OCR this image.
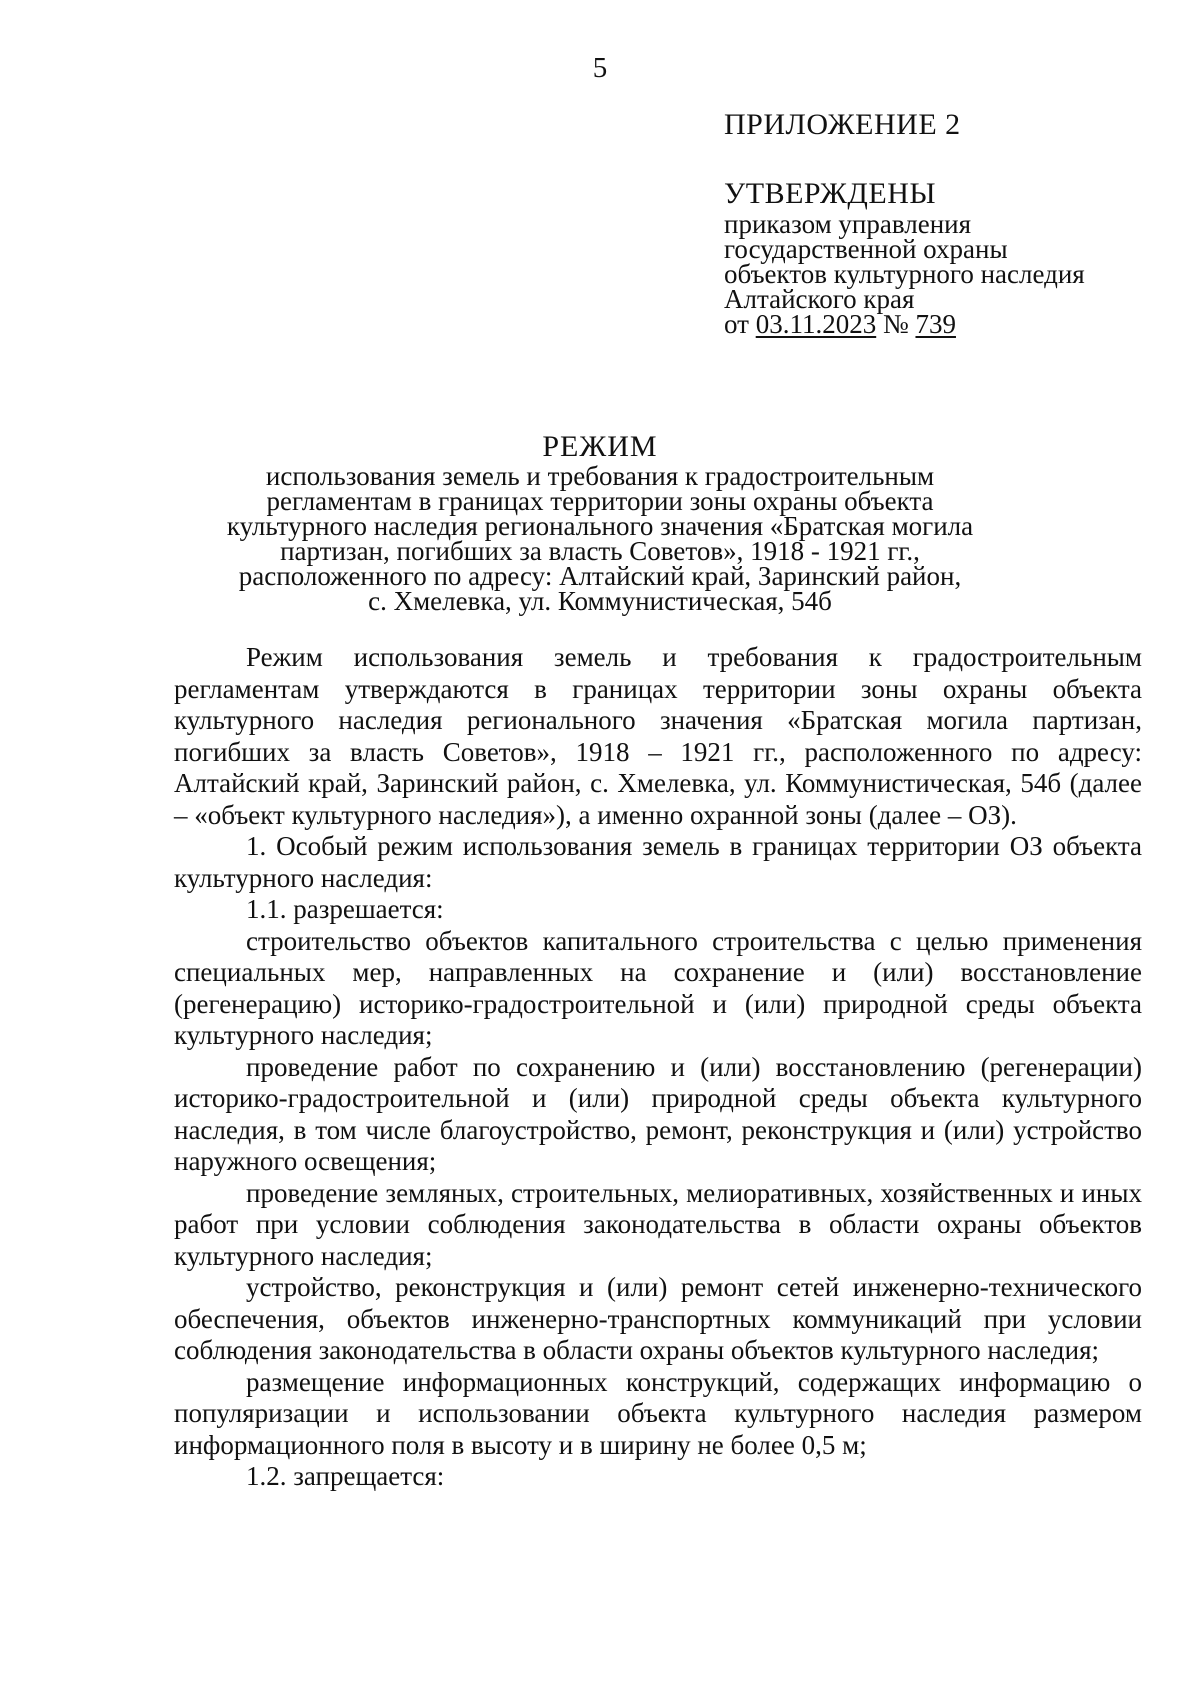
5
ПРИЛОЖЕНИЕ 2
УТВЕРЖДЕНЫ
приказом управления
государственной охраны
объектов культурного наследия
Алтайского края
от 03.11.2023 № 739
РЕЖИМ
использования земель и требования к градостроительным
регламентам в границах территории зоны охраны объекта
культурного наследия регионального значения «Братская могила
партизан, погибших за власть Советов», 1918 - 1921 гг.,
расположенного по адресу: Алтайский край, Заринский район,
с. Хмелевка, ул. Коммунистическая, 54б

Режим использования земель и требования к градостроительным регламентам утверждаются в границах территории зоны охраны объекта культурного наследия регионального значения «Братская могила партизан, погибших за власть Советов», 1918 – 1921 гг., расположенного по адресу: Алтайский край, Заринский район, с. Хмелевка, ул. Коммунистическая, 54б (далее – «объект культурного наследия»), а именно охранной зоны (далее – ОЗ).

1. Особый режим использования земель в границах территории ОЗ объекта культурного наследия:

1.1. разрешается:

строительство объектов капитального строительства с целью применения специальных мер, направленных на сохранение и (или) восстановление (регенерацию) историко-градостроительной и (или) природной среды объекта культурного наследия;

проведение работ по сохранению и (или) восстановлению (регенерации) историко-градостроительной и (или) природной среды объекта культурного наследия, в том числе благоустройство, ремонт, реконструкция и (или) устройство наружного освещения;

проведение земляных, строительных, мелиоративных, хозяйственных и иных работ при условии соблюдения законодательства в области охраны объектов культурного наследия;

устройство, реконструкция и (или) ремонт сетей инженерно-технического обеспечения, объектов инженерно-транспортных коммуникаций при условии соблюдения законодательства в области охраны объектов культурного наследия;

размещение информационных конструкций, содержащих информацию о популяризации и использовании объекта культурного наследия размером информационного поля в высоту и в ширину не более 0,5 м;

1.2. запрещается:
